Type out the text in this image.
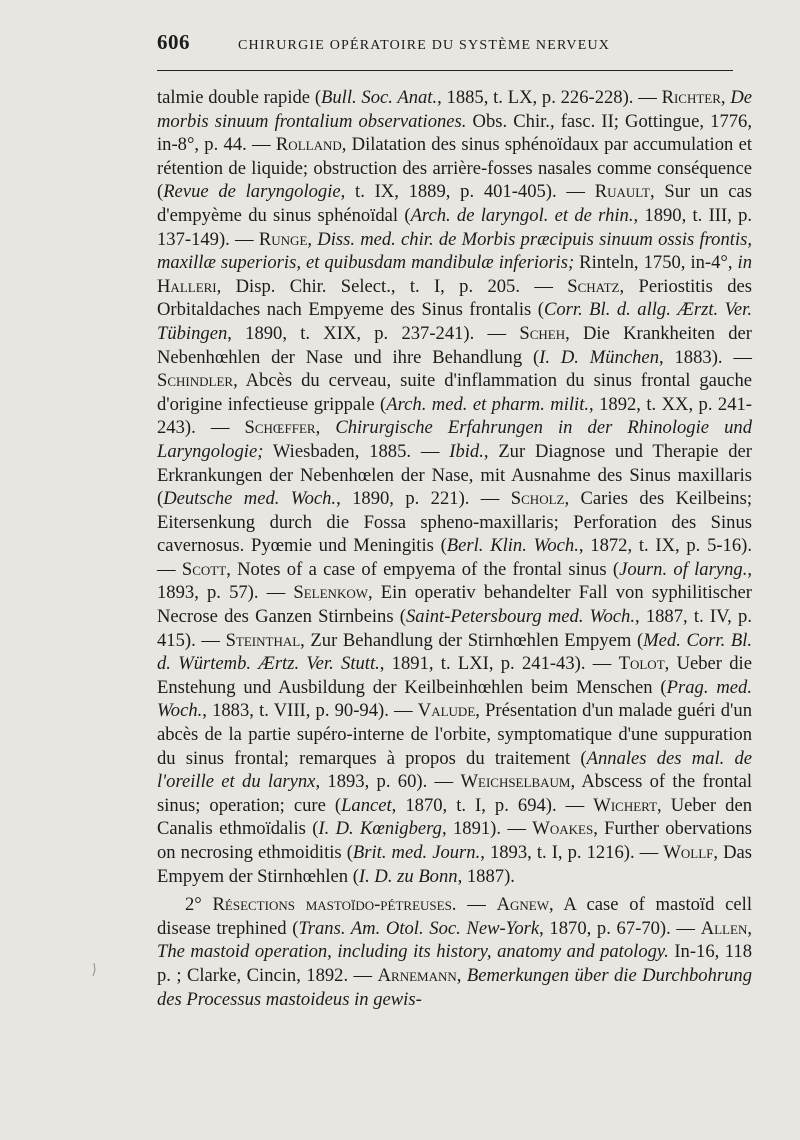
606	CHIRURGIE OPÉRATOIRE DU SYSTÈME NERVEUX

talmie double rapide (Bull. Soc. Anat., 1885, t. LX, p. 226-228). — Richter, De morbis sinuum frontalium observationes. Obs. Chir., fasc. II; Gottingue, 1776, in-8°, p. 44. — Rolland, Dilatation des sinus sphénoïdaux par accumulation et rétention de liquide; obstruction des arrière-fosses nasales comme conséquence (Revue de laryngologie, t. IX, 1889, p. 401-405). — Ruault, Sur un cas d'empyème du sinus sphénoïdal (Arch. de laryngol. et de rhin., 1890, t. III, p. 137-149). — Runge, Diss. med. chir. de Morbis præcipuis sinuum ossis frontis, maxillæ superioris, et quibusdam mandibulæ inferioris; Rinteln, 1750, in-4°, in Halleri, Disp. Chir. Select., t. I, p. 205. — Schatz, Periostitis des Orbitaldaches nach Empyeme des Sinus frontalis (Corr. Bl. d. allg. Ærzt. Ver. Tübingen, 1890, t. XIX, p. 237-241). — Scheh, Die Krankheiten der Nebenhœhlen der Nase und ihre Behandlung (I. D. München, 1883). — Schindler, Abcès du cerveau, suite d'inflammation du sinus frontal gauche d'origine infectieuse grippale (Arch. med. et pharm. milit., 1892, t. XX, p. 241-243). — Schœffer, Chirurgische Erfahrungen in der Rhinologie und Laryngologie; Wiesbaden, 1885. — Ibid., Zur Diagnose und Therapie der Erkrankungen der Nebenhœlen der Nase, mit Ausnahme des Sinus maxillaris (Deutsche med. Woch., 1890, p. 221). — Scholz, Caries des Keilbeins; Eitersenkung durch die Fossa spheno-maxillaris; Perforation des Sinus cavernosus. Pyœmie und Meningitis (Berl. Klin. Woch., 1872, t. IX, p. 5-16). — Scott, Notes of a case of empyema of the frontal sinus (Journ. of laryng., 1893, p. 57). — Selenkow, Ein operativ behandelter Fall von syphilitischer Necrose des Ganzen Stirnbeins (Saint-Petersbourg med. Woch., 1887, t. IV, p. 415). — Steinthal, Zur Behandlung der Stirnhœhlen Empyem (Med. Corr. Bl. d. Würtemb. Ærtz. Ver. Stutt., 1891, t. LXI, p. 241-43). — Tolot, Ueber die Enstehung und Ausbildung der Keilbeinhœhlen beim Menschen (Prag. med. Woch., 1883, t. VIII, p. 90-94). — Valude, Présentation d'un malade guéri d'un abcès de la partie supéro-interne de l'orbite, symptomatique d'une suppuration du sinus frontal; remarques à propos du traitement (Annales des mal. de l'oreille et du larynx, 1893, p. 60). — Weichselbaum, Abscess of the frontal sinus; operation; cure (Lancet, 1870, t. I, p. 694). — Wichert, Ueber den Canalis ethmoïdalis (I. D. Kœnigberg, 1891). — Woakes, Further obervations on necrosing ethmoiditis (Brit. med. Journ., 1893, t. I, p. 1216). — Wollf, Das Empyem der Stirnhœhlen (I. D. zu Bonn, 1887).

2° Résections mastoïdo-pétreuses. — Agnew, A case of mastoïd cell disease trephined (Trans. Am. Otol. Soc. New-York, 1870, p. 67-70). — Allen, The mastoid operation, including its history, anatomy and patology. In-16, 118 p. ; Clarke, Cincin, 1892. — Arnemann, Bemerkungen über die Durchbohrung des Processus mastoideus in gewis-
